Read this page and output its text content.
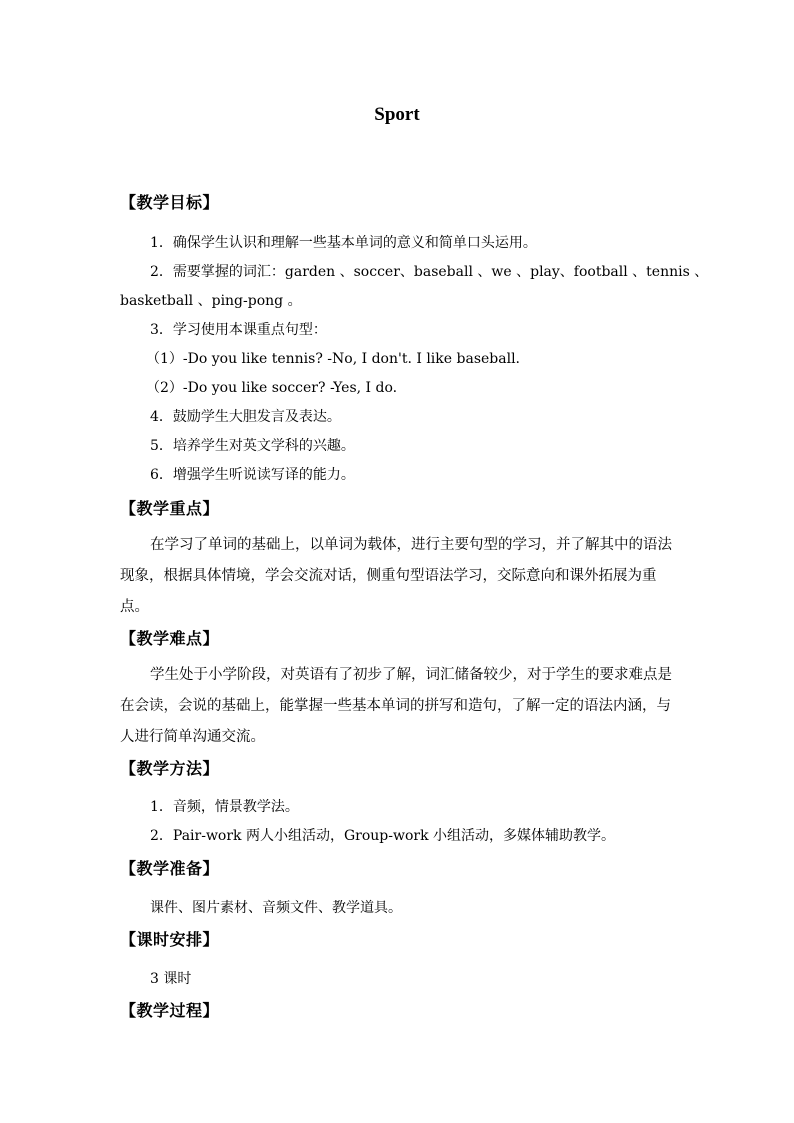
Sport
【教学目标】
1．确保学生认识和理解一些基本单词的意义和简单口头运用。
2．需要掌握的词汇：garden 、soccer、baseball 、we 、play、football 、tennis 、
basketball 、ping-pong 。
3．学习使用本课重点句型：
（1）-Do you like tennis? -No, I don't. I like baseball.
（2）-Do you like soccer? -Yes, I do.
4．鼓励学生大胆发言及表达。
5．培养学生对英文学科的兴趣。
6．增强学生听说读写译的能力。
【教学重点】
在学习了单词的基础上，以单词为载体，进行主要句型的学习，并了解其中的语法现象，根据具体情境，学会交流对话，侧重句型语法学习，交际意向和课外拓展为重点。
【教学难点】
学生处于小学阶段，对英语有了初步了解，词汇储备较少，对于学生的要求难点是在会读，会说的基础上，能掌握一些基本单词的拼写和造句，了解一定的语法内涵，与人进行简单沟通交流。
【教学方法】
1．音频，情景教学法。
2．Pair-work 两人小组活动，Group-work 小组活动，多媒体辅助教学。
【教学准备】
课件、图片素材、音频文件、教学道具。
【课时安排】
3 课时
【教学过程】
